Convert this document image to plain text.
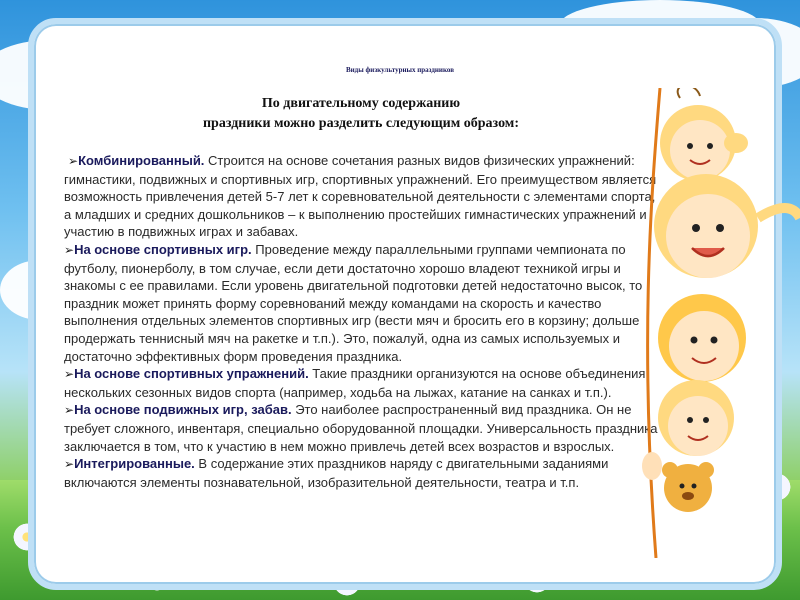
Виды физкультурных праздников
По двигательному содержанию
праздники можно разделить следующим образом:

➢Комбинированный. Строится на основе сочетания разных видов физических упражнений: гимнастики, подвижных и спортивных игр, спортивных упражнений. Его преимуществом является возможность привлечения детей 5-7 лет к соревновательной деятельности с элементами спорта, а младших и средних дошкольников – к выполнению простейших гимнастических упражнений и участию в подвижных играх и забавах.

➢На основе спортивных игр. Проведение между параллельными группами чемпионата по футболу, пионерболу, в том случае, если дети достаточно хорошо владеют техникой игры и знакомы с ее правилами. Если уровень двигательной подготовки детей недостаточно высок, то праздник может принять форму соревнований между командами на скорость и качество выполнения отдельных элементов спортивных игр (вести мяч и бросить его в корзину; дольше продержать теннисный мяч на ракетке и т.п.). Это, пожалуй, одна из самых используемых и достаточно эффективных форм проведения праздника.

➢На основе спортивных упражнений. Такие праздники организуются на основе объединения нескольких сезонных видов спорта (например, ходьба на лыжах, катание на санках и т.п.).

➢На основе подвижных игр, забав. Это наиболее распространенный вид праздника. Он не требует сложного, инвентаря, специально оборудованной площадки. Универсальность праздника заключается в том, что к участию в нем можно привлечь детей всех возрастов и взрослых.

➢Интегрированные. В содержание этих праздников наряду с двигательными заданиями включаются элементы познавательной, изобразительной деятельности, театра и т.п.
